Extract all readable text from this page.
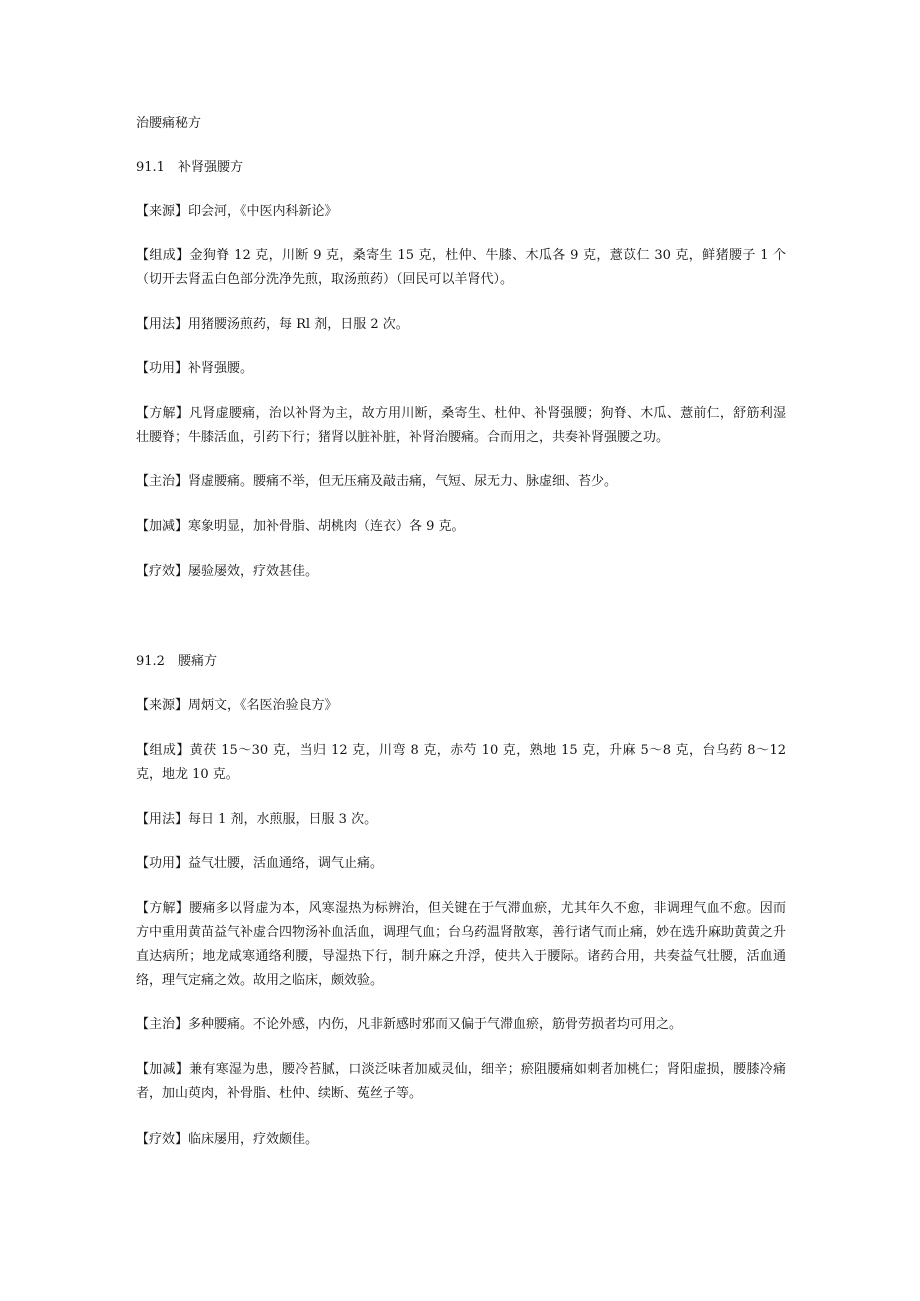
治腰痛秘方
91.1 补肾强腰方
【来源】印会河，《中医内科新论》
【组成】金狗脊 12 克，川断 9 克，桑寄生 15 克，杜仲、牛膝、木瓜各 9 克，薏苡仁 30 克，鲜猪腰子 1 个（切开去肾盂白色部分洗净先煎，取汤煎药）（回民可以羊肾代）。
【用法】用猪腰汤煎药，每 Rl 剂，日服 2 次。
【功用】补肾强腰。
【方解】凡肾虚腰痛，治以补肾为主，故方用川断，桑寄生、杜仲、补肾强腰；狗脊、木瓜、薏前仁，舒筋利湿壮腰脊；牛膝活血，引药下行；猪肾以脏补脏，补肾治腰痛。合而用之，共奏补肾强腰之功。
【主治】肾虚腰痛。腰痛不举，但无压痛及敲击痛，气短、尿无力、脉虚细、苔少。
【加减】寒象明显，加补骨脂、胡桃肉（连衣）各 9 克。
【疗效】屡验屡效，疗效甚佳。
91.2 腰痛方
【来源】周炳文，《名医治验良方》
【组成】黄茯 15～30 克，当归 12 克，川弯 8 克，赤芍 10 克，熟地 15 克，升麻 5～8 克，台乌药 8～12 克，地龙 10 克。
【用法】每日 1 剂，水煎服，日服 3 次。
【功用】益气壮腰，活血通络，调气止痛。
【方解】腰痛多以肾虚为本，风寒湿热为标辨治，但关键在于气滞血瘀，尤其年久不愈，非调理气血不愈。因而方中重用黄苗益气补虚合四物汤补血活血，调理气血；台乌药温肾散寒，善行诸气而止痛，妙在选升麻助黄黄之升直达病所；地龙咸寒通络利腰，导湿热下行，制升麻之升浮，使共入于腰际。诸药合用，共奏益气壮腰，活血通络，理气定痛之效。故用之临床，颇效验。
【主治】多种腰痛。不论外感，内伤，凡非新感时邪而又偏于气滞血瘀，筋骨劳损者均可用之。
【加减】兼有寒湿为患，腰冷苔腻，口淡泛味者加威灵仙，细辛；瘀阻腰痛如刺者加桃仁；肾阳虚损，腰膝冷痛者，加山萸肉，补骨脂、杜仲、续断、菟丝子等。
【疗效】临床屡用，疗效颇佳。
